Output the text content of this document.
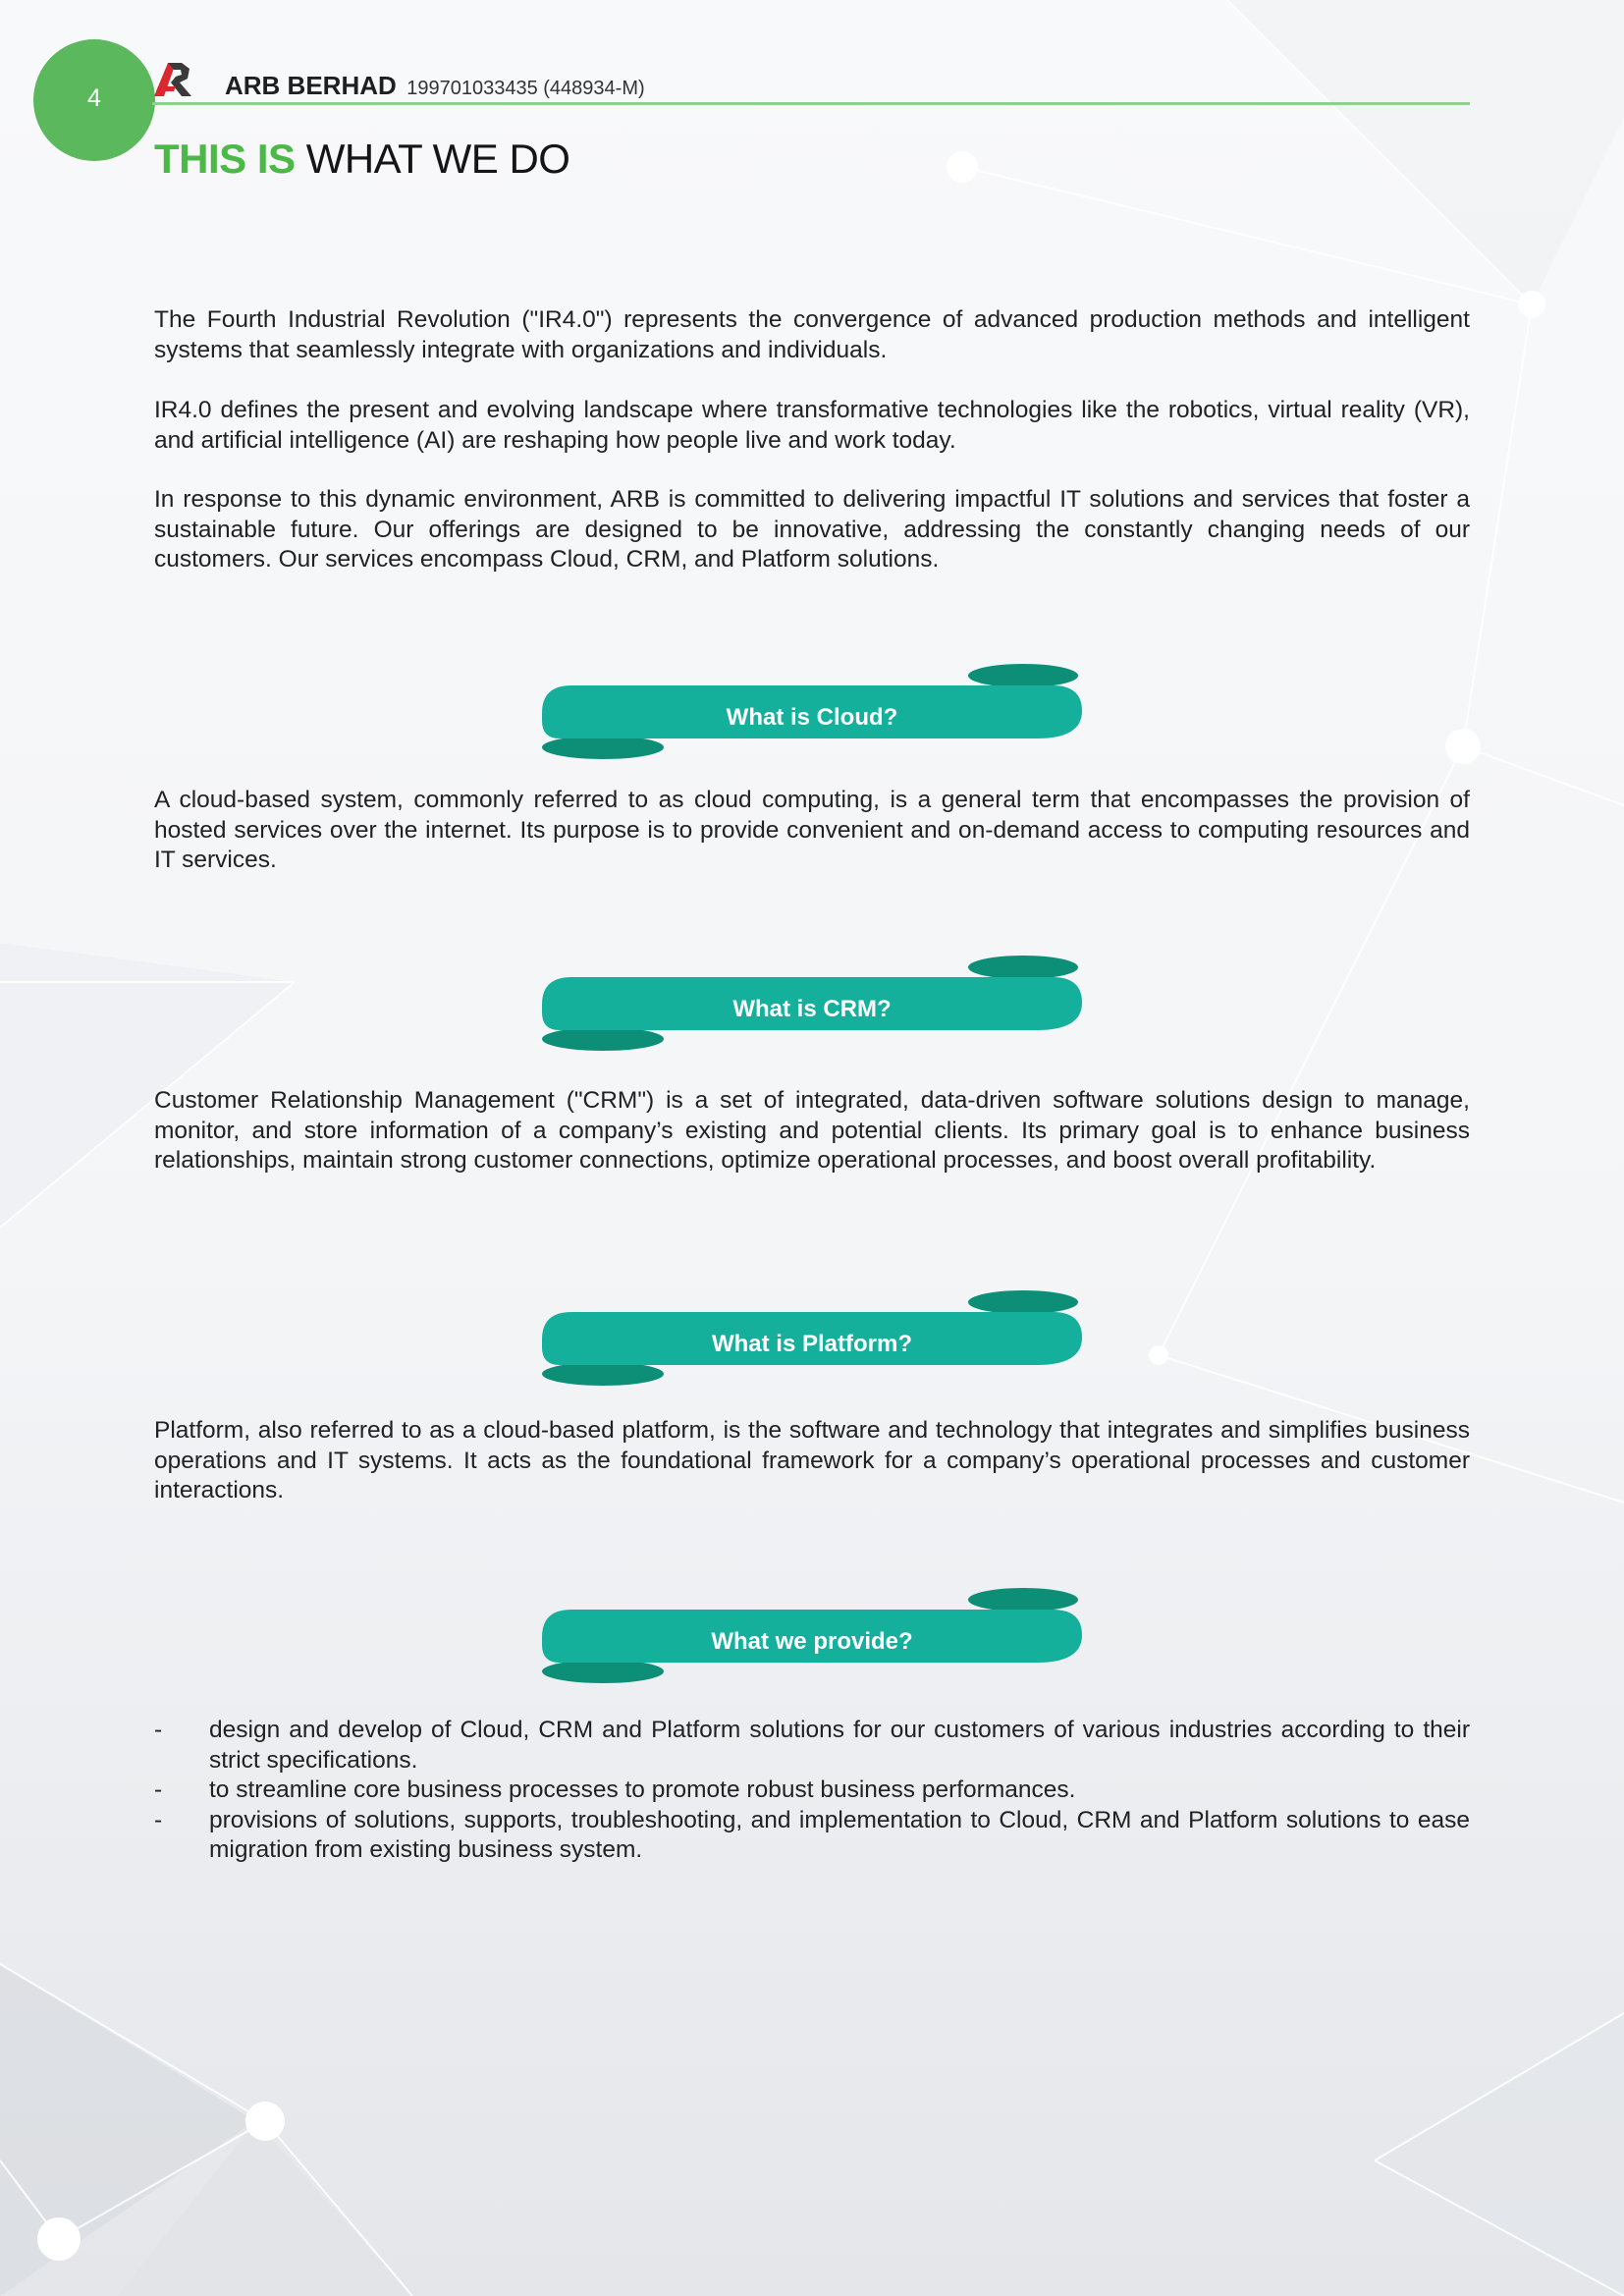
4	ARB BERHAD 199701033435 (448934-M)
THIS IS WHAT WE DO

The Fourth Industrial Revolution ("IR4.0") represents the convergence of advanced production methods and intelligent systems that seamlessly integrate with organizations and individuals.

IR4.0 defines the present and evolving landscape where transformative technologies like the robotics, virtual reality (VR), and artificial intelligence (AI) are reshaping how people live and work today.

In response to this dynamic environment, ARB is committed to delivering impactful IT solutions and services that foster a sustainable future. Our offerings are designed to be innovative, addressing the constantly changing needs of our customers. Our services encompass Cloud, CRM, and Platform solutions.

What is Cloud?

A cloud-based system, commonly referred to as cloud computing, is a general term that encompasses the provision of hosted services over the internet. Its purpose is to provide convenient and on-demand access to computing resources and IT services.

What is CRM?

Customer Relationship Management ("CRM") is a set of integrated, data-driven software solutions design to manage, monitor, and store information of a company’s existing and potential clients. Its primary goal is to enhance business relationships, maintain strong customer connections, optimize operational processes, and boost overall profitability.

What is Platform?

Platform, also referred to as a cloud-based platform, is the software and technology that integrates and simplifies business operations and IT systems. It acts as the foundational framework for a company’s operational processes and customer interactions.

What we provide?
-	design and develop of Cloud, CRM and Platform solutions for our customers of various industries according to their strict specifications.
-	to streamline core business processes to promote robust business performances.
-	provisions of solutions, supports, troubleshooting, and implementation to Cloud, CRM and Platform solutions to ease migration from existing business system.
